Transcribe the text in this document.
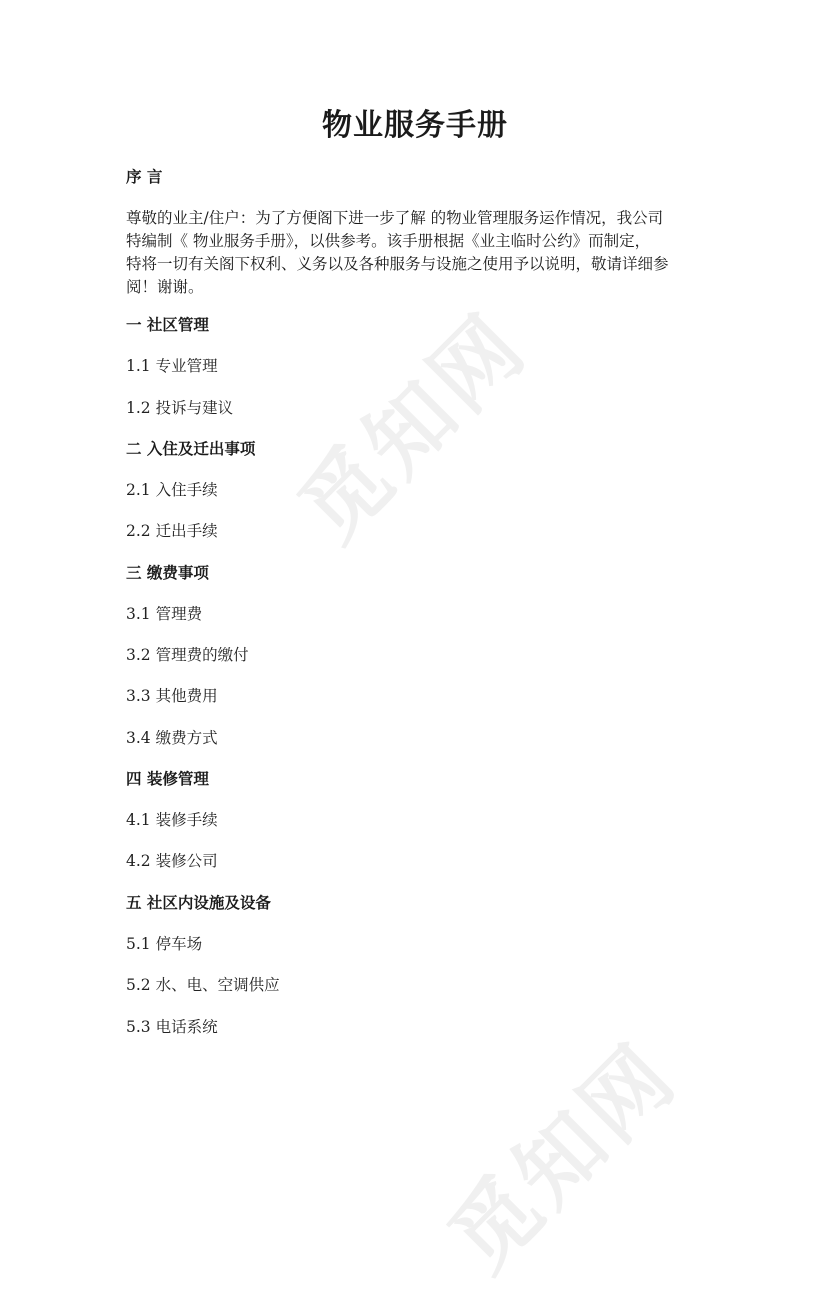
觅知网
觅知网
物业服务手册
序 言
尊敬的业主/住户：为了方便阁下进一步了解 的物业管理服务运作情况，我公司
特编制《 物业服务手册》，以供参考。该手册根据《业主临时公约》而制定，
特将一切有关阁下权利、义务以及各种服务与设施之使用予以说明，敬请详细参
阅！谢谢。
一 社区管理
1.1 专业管理
1.2 投诉与建议
二 入住及迁出事项
2.1 入住手续
2.2 迁出手续
三 缴费事项
3.1 管理费
3.2 管理费的缴付
3.3 其他费用
3.4 缴费方式
四 装修管理
4.1 装修手续
4.2 装修公司
五 社区内设施及设备
5.1 停车场
5.2 水、电、空调供应
5.3 电话系统
